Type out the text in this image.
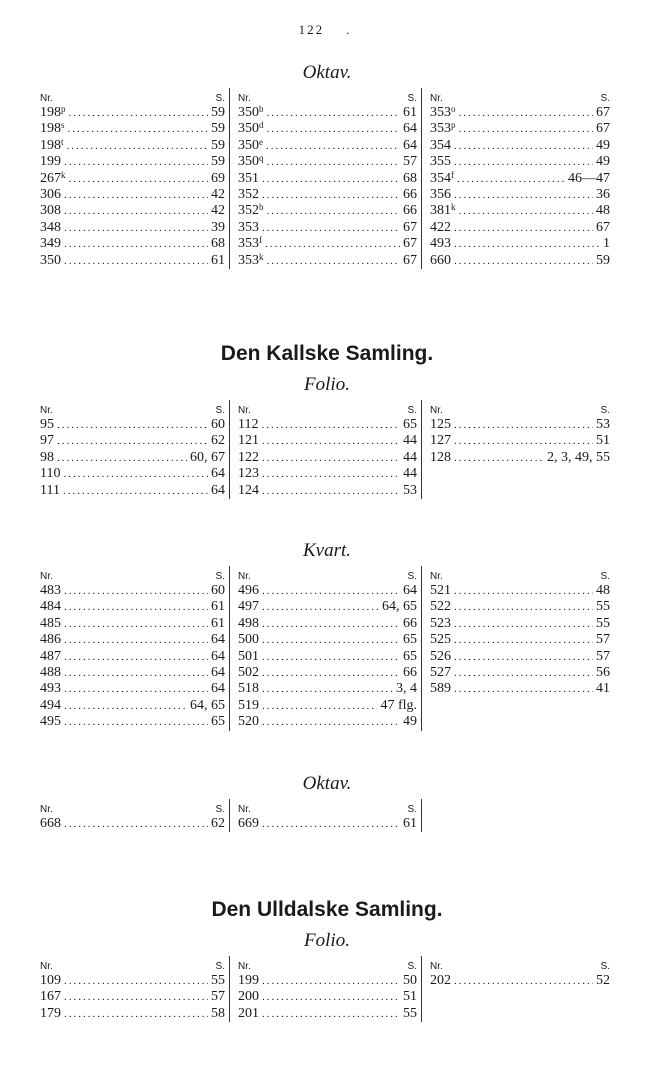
122 .
Oktav.
Nr.	S.
198$^p$ .....	59
198$^s$ .....	59
198$^t$ .....	59
199 .....	59
267$^k$ .....	69
306 .....	42
308 .....	42
348 .....	39
349 .....	68
350 .....	61
Nr.	S.
350$^b$ .....	61
350$^d$ .....	64
350e .....	64
350$^q$ .....	57
351 .....	68
352 .....	66
352$^b$ .....	66
353 .....	67
353$^f$ .....	67
353$^k$ .....	67
Nr.	S.
353$^o$ .....	67
353$^p$ .....	67
354 .....	49
355 .....	49
354$^f$ .....	46—47
356 .....	36
381$^k$ .....	48
422 .....	67
493 .....	1
660 .....	59
Den Kallske Samling.
Folio.
Nr.	S.
95 .....	60
97 .....	62
98 .....	60, 67
110 .....	64
111 .....	64
Nr.	S.
112 .....	65
121 .....	44
122 .....	44
123 .....	44
124 .....	53
Nr.	S.
125 .....	53
127 .....	51
128 .....	2, 3, 49, 55
Kvart.
Nr.	S.
483 .....	60
484 .....	61
485 .....	61
486 .....	64
487 .....	64
488 .....	64
493 .....	64
494 .....	64, 65
495 .....	65
Nr.	S.
496 .....	64
497 .....	64, 65
498 .....	66
500 .....	65
501 .....	65
502 .....	66
518 .....	3, 4
519 .....	47 flg.
520 .....	49
Nr.	S.
521 .....	48
522 .....	55
523 .....	55
525 .....	57
526 .....	57
527 .....	56
589 .....	41
Oktav.
Nr.	S.
668 .....	62
Nr.	S.
669 .....	61
Den Ulldalske Samling.
Folio.
Nr.	S.
109 .....	55
167 .....	57
179 .....	58
Nr.	S.
199 .....	50
200 .....	51
201 .....	55
Nr.	S.
202 .....	52
